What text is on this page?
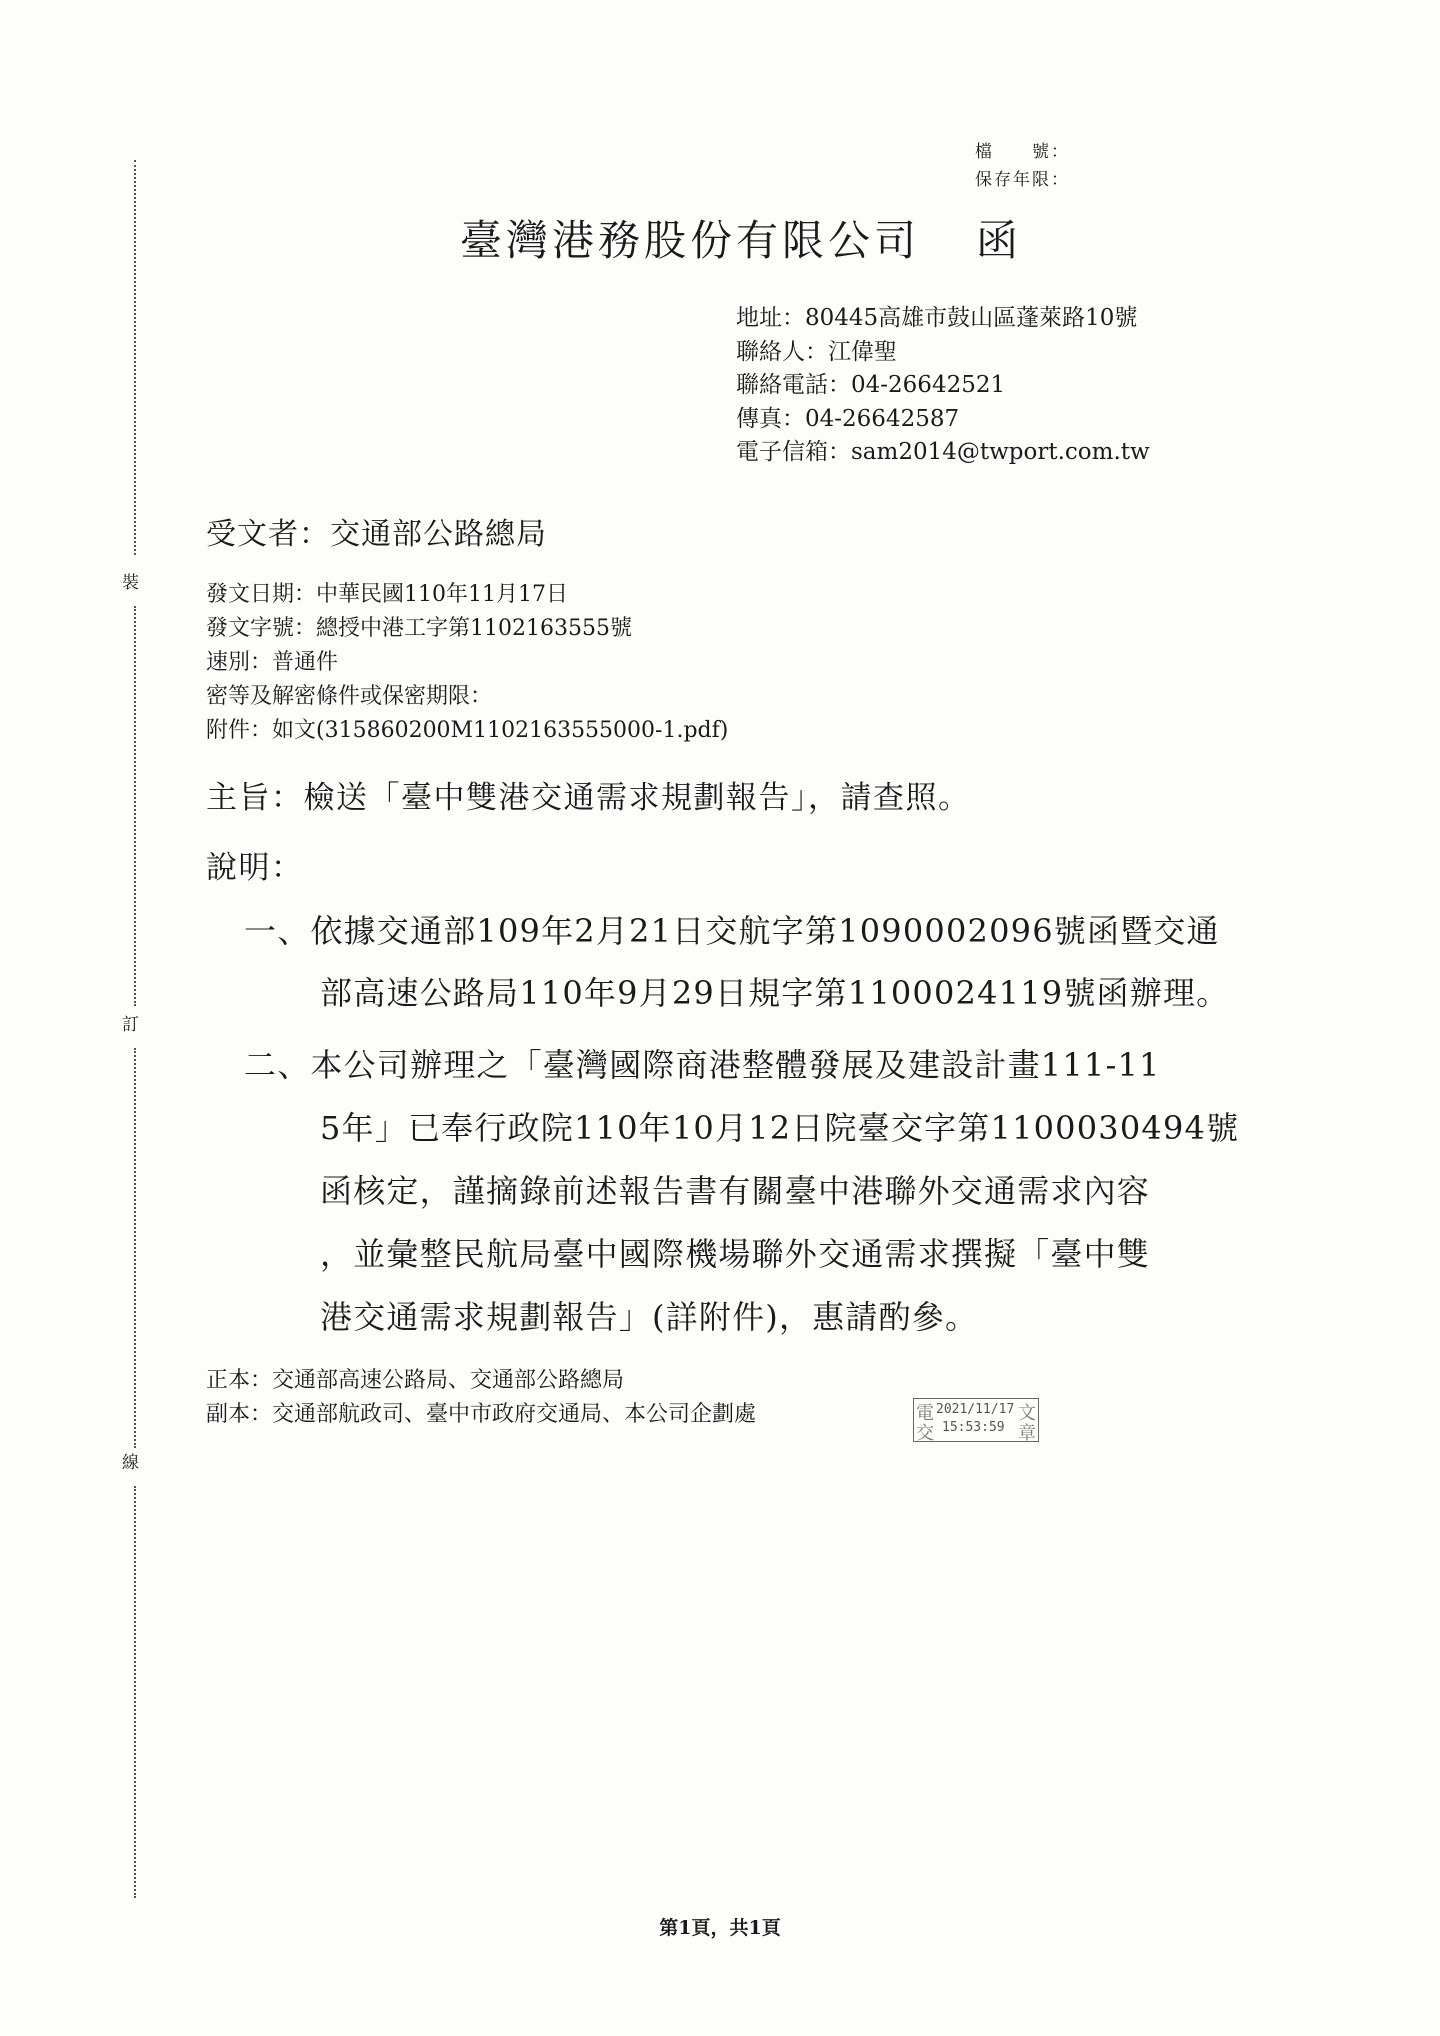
裝
訂
線
檔　　號：
保存年限：
臺灣港務股份有限公司 函
地址：80445高雄市鼓山區蓬萊路10號
聯絡人：江偉聖
聯絡電話：04-26642521
傳真：04-26642587
電子信箱：sam2014@twport.com.tw
受文者：交通部公路總局
發文日期：中華民國110年11月17日
發文字號：總授中港工字第1102163555號
速別：普通件
密等及解密條件或保密期限：
附件：如文(315860200M1102163555000-1.pdf)
主旨：檢送「臺中雙港交通需求規劃報告」，請查照。
說明：
一、依據交通部109年2月21日交航字第1090002096號函暨交通
部高速公路局110年9月29日規字第1100024119號函辦理。
二、本公司辦理之「臺灣國際商港整體發展及建設計畫111-11
5年」已奉行政院110年10月12日院臺交字第1100030494號
函核定，謹摘錄前述報告書有關臺中港聯外交通需求內容
，並彙整民航局臺中國際機場聯外交通需求撰擬「臺中雙
港交通需求規劃報告」(詳附件)，惠請酌參。
正本：交通部高速公路局、交通部公路總局
副本：交通部航政司、臺中市政府交通局、本公司企劃處	電	文
交	章
2021/11/17
15:53:59
第1頁，共1頁
